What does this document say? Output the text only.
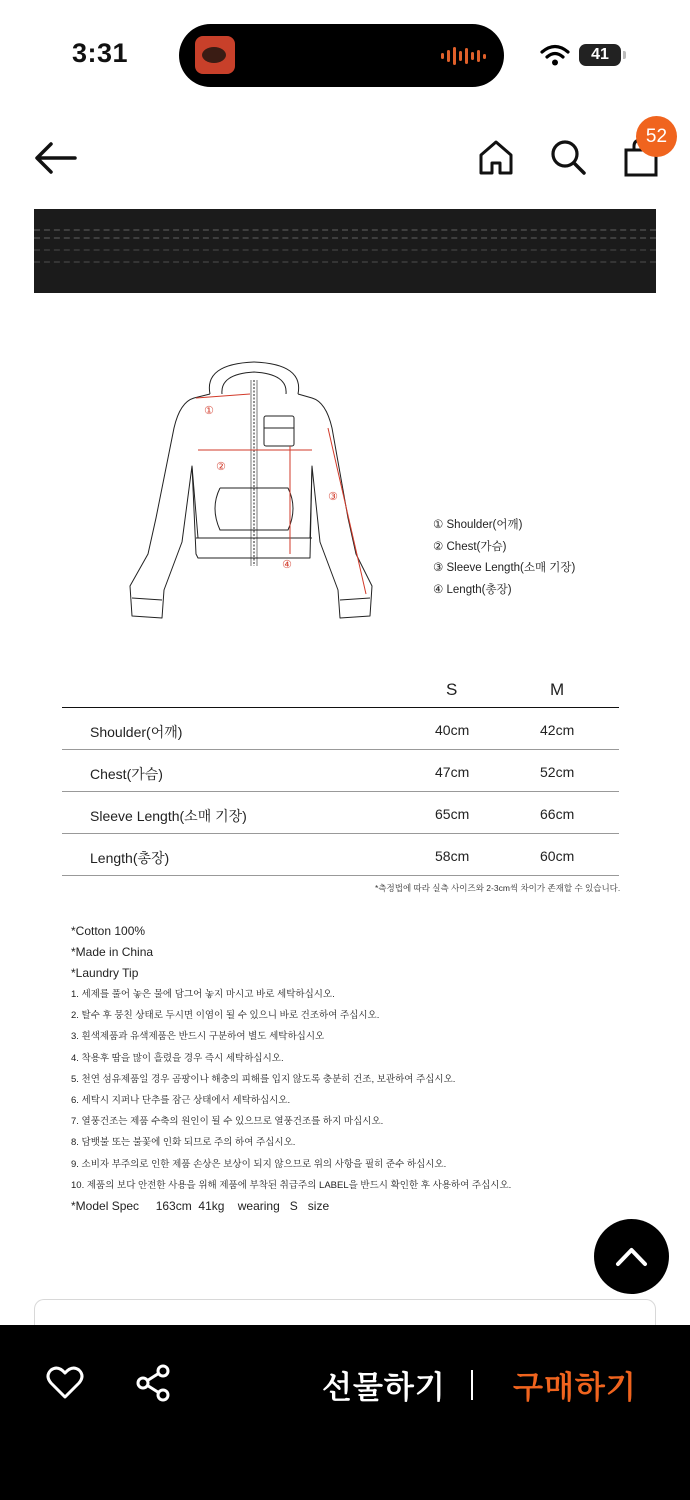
3:31	41
52
①
②
③
④
① Shoulder(어깨)
② Chest(가슴)
③ Sleeve Length(소매 기장)
④ Length(총장)
S	M
Shoulder(어깨)	40cm	42cm
Chest(가슴)	47cm	52cm
Sleeve Length(소매 기장)	65cm	66cm
Length(총장)	58cm	60cm
*측정법에 따라 실측 사이즈와 2-3cm씩 차이가 존재할 수 있습니다.
*Cotton 100%
*Made in China
*Laundry Tip
1. 세제를 풀어 놓은 물에 담그어 놓지 마시고 바로 세탁하십시오.
2. 탈수 후 뭉친 상태로 두시면 이염이 될 수 있으니 바로 건조하여 주십시오.
3. 흰색제품과 유색제품은 반드시 구분하여 별도 세탁하십시오
4. 착용후 땀을 많이 흘렸을 경우 즉시 세탁하십시오.
5. 천연 섬유제품일 경우 곰팡이나 해충의 피해를 입지 않도록 충분히 건조, 보관하여 주십시오.
6. 세탁시 지퍼나 단추를 잠근 상태에서 세탁하십시오.
7. 열풍건조는 제품 수축의 원인이 될 수 있으므로 열풍건조를 하지 마십시오.
8. 담뱃불 또는 불꽃에 인화 되므로 주의 하여 주십시오.
9. 소비자 부주의로 인한 제품 손상은 보상이 되지 않으므로 위의 사항을 필히 준수 하십시오.
10. 제품의 보다 안전한 사용을 위해 제품에 부착된 취급주의 LABEL을 반드시 확인한 후 사용하여 주십시오.
*Model Spec     163cm  41kg    wearing   S   size
선물하기 구매하기
